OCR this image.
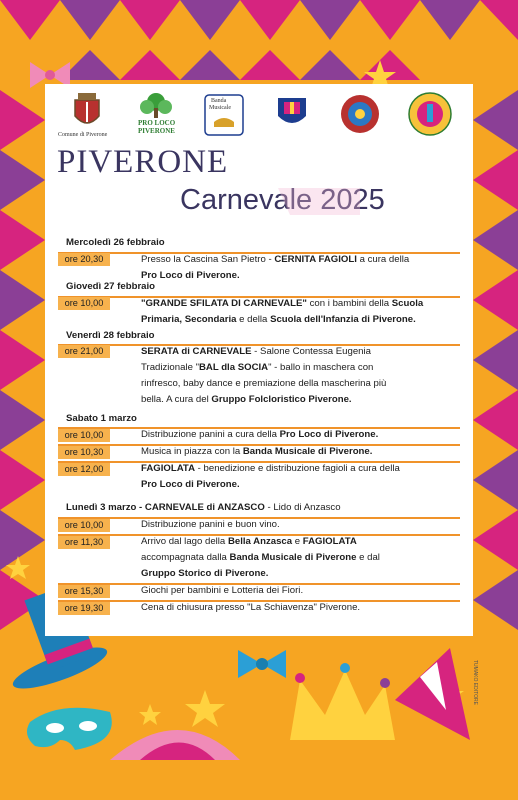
Comune di Piverone
PRO LOCO
PIVERONE
Banda
Musicale
PIVERONE
Carnevale 2025
Mercoledì 26 febbraio
ore 20,30	Presso la Cascina San Pietro - CERNITA FAGIOLI a cura della
Pro Loco di Piverone.
Giovedì 27 febbraio
ore 10,00	"GRANDE SFILATA DI CARNEVALE" con i bambini della Scuola
Primaria, Secondaria e della Scuola dell'Infanzia di Piverone.
Venerdì 28 febbraio
ore 21,00	SERATA di CARNEVALE - Salone Contessa Eugenia
Tradizionale "BAL dla SOCIA" - ballo in maschera con
rinfresco, baby dance e premiazione della mascherina più
bella. A cura del Gruppo Folcloristico Piverone.
Sabato 1 marzo
ore 10,00	Distribuzione panini a cura della Pro Loco di Piverone.
ore 10,30	Musica in piazza con la Banda Musicale di Piverone.
ore 12,00	FAGIOLATA - benedizione e distribuzione fagioli a cura della
Pro Loco di Piverone.
Lunedì 3 marzo - CARNEVALE di ANZASCO - Lido di Anzasco
ore 10,00	Distribuzione panini e buon vino.
ore 11,30	Arrivo dal lago della Bella Anzasca e FAGIOLATA
accompagnata dalla Banda Musicale di Piverone e dal
Gruppo Storico di Piverone.
ore 15,30	Giochi per bambini e Lotteria dei Fiori.
ore 19,30	Cena di chiusura presso "La Schiavenza" Piverone.
TUMAKO EDITORE
